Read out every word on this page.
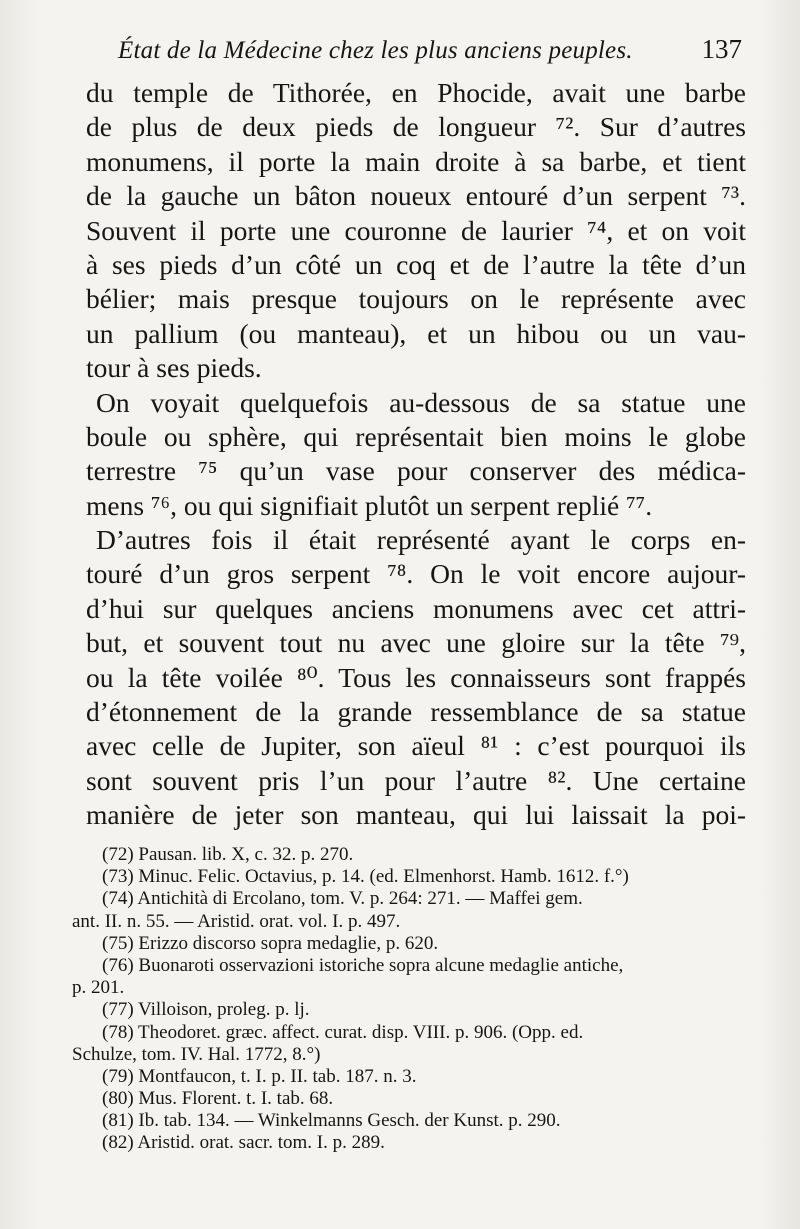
État de la Médecine chez les plus anciens peuples.	137
du temple de Tithorée, en Phocide, avait une barbe
de plus de deux pieds de longueur ⁷². Sur d’autres
monumens, il porte la main droite à sa barbe, et tient
de la gauche un bâton noueux entouré d’un serpent ⁷³.
Souvent il porte une couronne de laurier ⁷⁴, et on voit
à ses pieds d’un côté un coq et de l’autre la tête d’un
bélier; mais presque toujours on le représente avec
un pallium (ou manteau), et un hibou ou un vau-
tour à ses pieds.
On voyait quelquefois au-dessous de sa statue une
boule ou sphère, qui représentait bien moins le globe
terrestre ⁷⁵ qu’un vase pour conserver des médica-
mens ⁷⁶, ou qui signifiait plutôt un serpent replié ⁷⁷.
D’autres fois il était représenté ayant le corps en-
touré d’un gros serpent ⁷⁸. On le voit encore aujour-
d’hui sur quelques anciens monumens avec cet attri-
but, et souvent tout nu avec une gloire sur la tête ⁷⁹,
ou la tête voilée ⁸⁰. Tous les connaisseurs sont frappés
d’étonnement de la grande ressemblance de sa statue
avec celle de Jupiter, son aïeul ⁸¹ : c’est pourquoi ils
sont souvent pris l’un pour l’autre ⁸². Une certaine
manière de jeter son manteau, qui lui laissait la poi-
(72) Pausan. lib. X, c. 32. p. 270.
(73) Minuc. Felic. Octavius, p. 14. (ed. Elmenhorst. Hamb. 1612. f.°)
(74) Antichità di Ercolano, tom. V. p. 264: 271. — Maffei gem.
ant. II. n. 55. — Aristid. orat. vol. I. p. 497.
(75) Erizzo discorso sopra medaglie, p. 620.
(76) Buonaroti osservazioni istoriche sopra alcune medaglie antiche,
p. 201.
(77) Villoison, proleg. p. lj.
(78) Theodoret. græc. affect. curat. disp. VIII. p. 906. (Opp. ed.
Schulze, tom. IV. Hal. 1772, 8.°)
(79) Montfaucon, t. I. p. II. tab. 187. n. 3.
(80) Mus. Florent. t. I. tab. 68.
(81) Ib. tab. 134. — Winkelmanns Gesch. der Kunst. p. 290.
(82) Aristid. orat. sacr. tom. I. p. 289.
